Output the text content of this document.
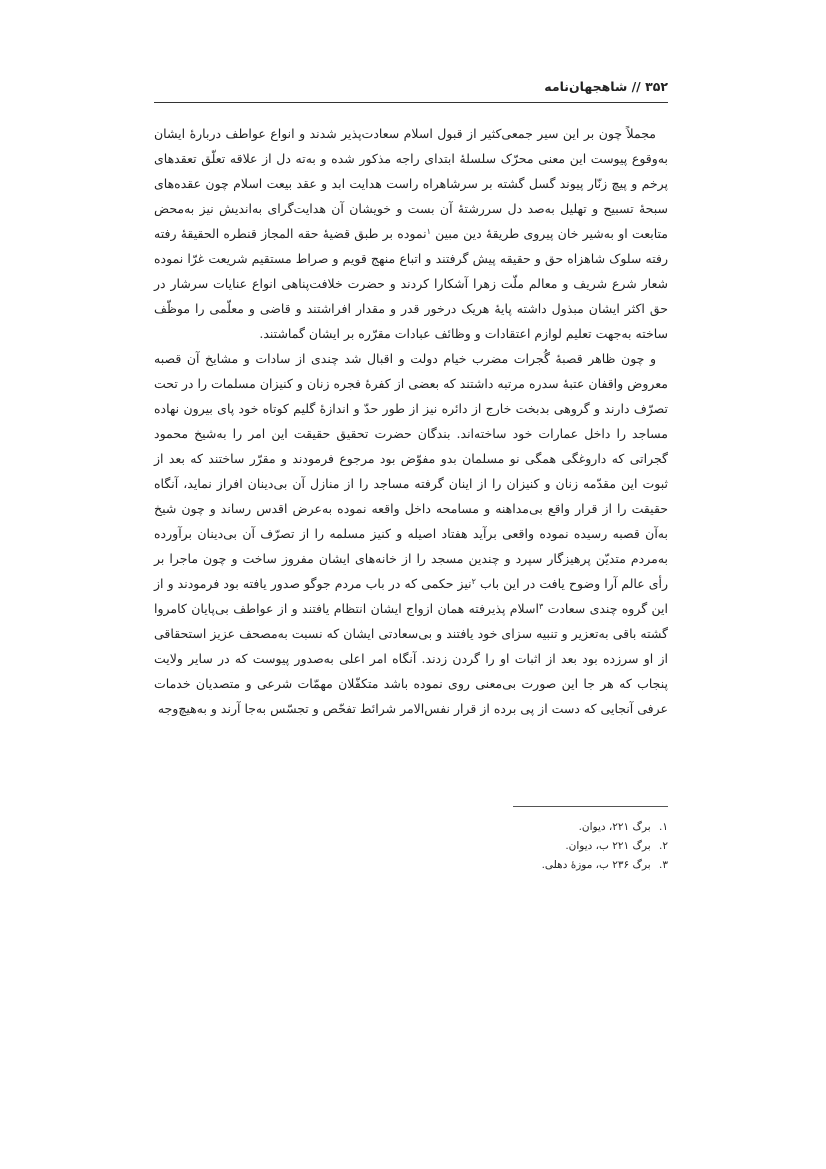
۳۵۲ // شاهجهان‌نامه

مجملاً چون بر این سیر جمعی‌کثیر از قبول اسلام سعادت‌پذیر شدند و انواع عواطف دربارهٔ ایشان به‌وقوع پیوست این معنی محرّک سلسلهٔ ابتدای راجه مذکور شده و به‌ته دل از علاقه تعلّق تعقدهای پرخم و پیچ زنّار پیوند گسل گشته بر سرشاهراه راست هدایت ابد و عقد بیعت اسلام چون عقده‌های سبحهٔ تسبیح و تهلیل به‌صد دل سررشتهٔ آن بست و خویشان آن هدایت‌گرای به‌اندیش نیز به‌محض متابعت او به‌شیر خان پیروی طریقهٔ دین مبین $^۱$نموده بر طبق قضیهٔ حقه المجاز قنطره الحقیقهٔ رفته رفته سلوک شاهزاه حق و حقیقه پیش گرفتند و اتباع منهج قویم و صراط مستقیم شریعت غرّا نموده شعار شرع شریف و معالم ملّت زهرا آشکارا کردند و حضرت خلافت‌پناهی انواع عنایات سرشار در حق اکثر ایشان مبذول داشته پایهٔ هریک درخور قدر و مقدار افراشتند و قاضی و معلّمی را موظّف ساخته به‌جهت تعلیم لوازم اعتقادات و وظائف عبادات مقرّره بر ایشان گماشتند.

و چون ظاهر قصبهٔ گُجرات مضرب خیام دولت و اقبال شد چندی از سادات و مشایخ آن قصبه معروض واقفان عتبهٔ سدره مرتبه داشتند که بعضی از کفرهٔ فجره زنان و کنیزان مسلمات را در تحت تصرّف دارند و گروهی بدبخت خارج از دائره نیز از طور حدّ و اندازهٔ گلیم کوتاه خود پای بیرون نهاده مساجد را داخل عمارات خود ساخته‌اند. بندگان حضرت تحقیق حقیقت این امر را به‌شیخ محمود گجراتی که داروغگی همگی نو مسلمان بدو مفوّض بود مرجوع فرمودند و مقرّر ساختند که بعد از ثبوت این مقدّمه زنان و کنیزان را از اینان گرفته مساجد را از منازل آن بی‌دینان افراز نماید، آنگاه حقیقت را از قرار واقع بی‌مداهنه و مسامحه داخل واقعه نموده به‌عرض اقدس رساند و چون شیخ به‌آن قصبه رسیده نموده واقعی برآید هفتاد اصیله و کنیز مسلمه را از تصرّف آن بی‌دینان برآورده به‌مردم متدیّن پرهیزگار سپرد و چندین مسجد را از خانه‌های ایشان مفروز ساخت و چون ماجرا بر رأی عالم آرا وضوح یافت در این باب $^۲$نیز حکمی که در باب مردم جوگو صدور یافته بود فرمودند و از این گروه چندی سعادت $^۳$اسلام پذیرفته همان ازواج ایشان انتظام یافتند و از عواطف بی‌پایان کامروا گشته باقی به‌تعزیر و تنبیه سزای خود یافتند و بی‌سعادتی ایشان که نسبت به‌مصحف عزیز استحقاقی از او سرزده بود بعد از اثبات او را گردن زدند. آنگاه امر اعلی به‌صدور پیوست که در سایر ولایت پنجاب که هر جا این صورت بی‌معنی روی نموده باشد متکفّلان مهمّات شرعی و متصدیان خدمات عرفی آنجایی که دست از پی برده از قرار نفس‌الامر شرائط تفحّص و تجسّس به‌جا آرند و به‌هیچ‌وجه

۱. برگ ۲۲۱، دیوان.
۲. برگ ۲۲۱ ب، دیوان.
۳. برگ ۲۳۶ ب، موزهٔ دهلی.
